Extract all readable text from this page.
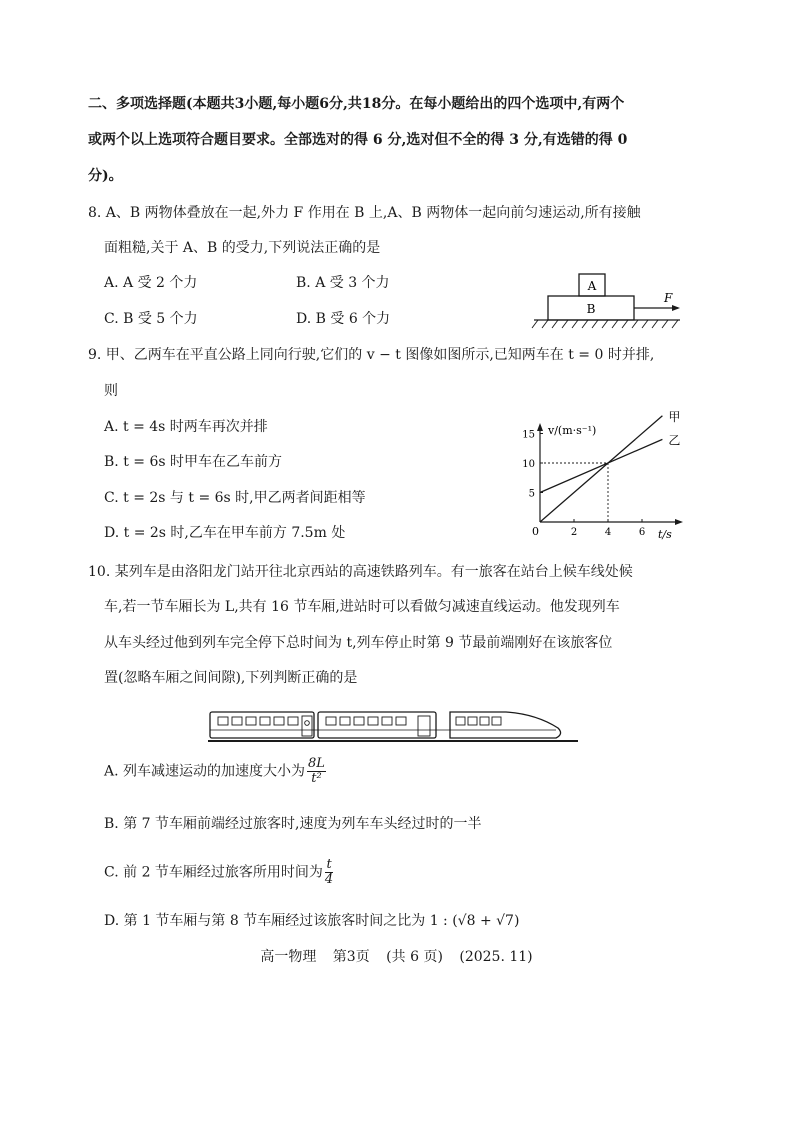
二、多项选择题(本题共3小题,每小题6分,共18分。在每小题给出的四个选项中,有两个
或两个以上选项符合题目要求。全部选对的得 6 分,选对但不全的得 3 分,有选错的得 0
分)。
8. A、B 两物体叠放在一起,外力 F 作用在 B 上,A、B 两物体一起向前匀速运动,所有接触
面粗糙,关于 A、B 的受力,下列说法正确的是
A. A 受 2 个力	B. A 受 3 个力
C. B 受 5 个力	D. B 受 6 个力
A
B
F
9. 甲、乙两车在平直公路上同向行驶,它们的 v − t 图像如图所示,已知两车在 t = 0 时并排,
则
A. t = 4s 时两车再次并排
B. t = 6s 时甲车在乙车前方
C. t = 2s 与 t = 6s 时,甲乙两者间距相等
D. t = 2s 时,乙车在甲车前方 7.5m 处
v/(m·s⁻¹)
t/s
0	2	4	6
5
10
15
甲
乙
10. 某列车是由洛阳龙门站开往北京西站的高速铁路列车。有一旅客在站台上候车线处候
车,若一节车厢长为 L,共有 16 节车厢,进站时可以看做匀减速直线运动。他发现列车
从车头经过他到列车完全停下总时间为 t,列车停止时第 9 节最前端刚好在该旅客位
置(忽略车厢之间间隙),下列判断正确的是
A. 列车减速运动的加速度大小为 $\frac{8L}{\text{t²}}$
B. 第 7 节车厢前端经过旅客时,速度为列车车头经过时的一半
C. 前 2 节车厢经过旅客所用时间为 $\frac{t}{4}$
D. 第 1 节车厢与第 8 节车厢经过该旅客时间之比为 1 : (√8 + √7)
高一物理 第3页 (共 6 页) (2025. 11)
